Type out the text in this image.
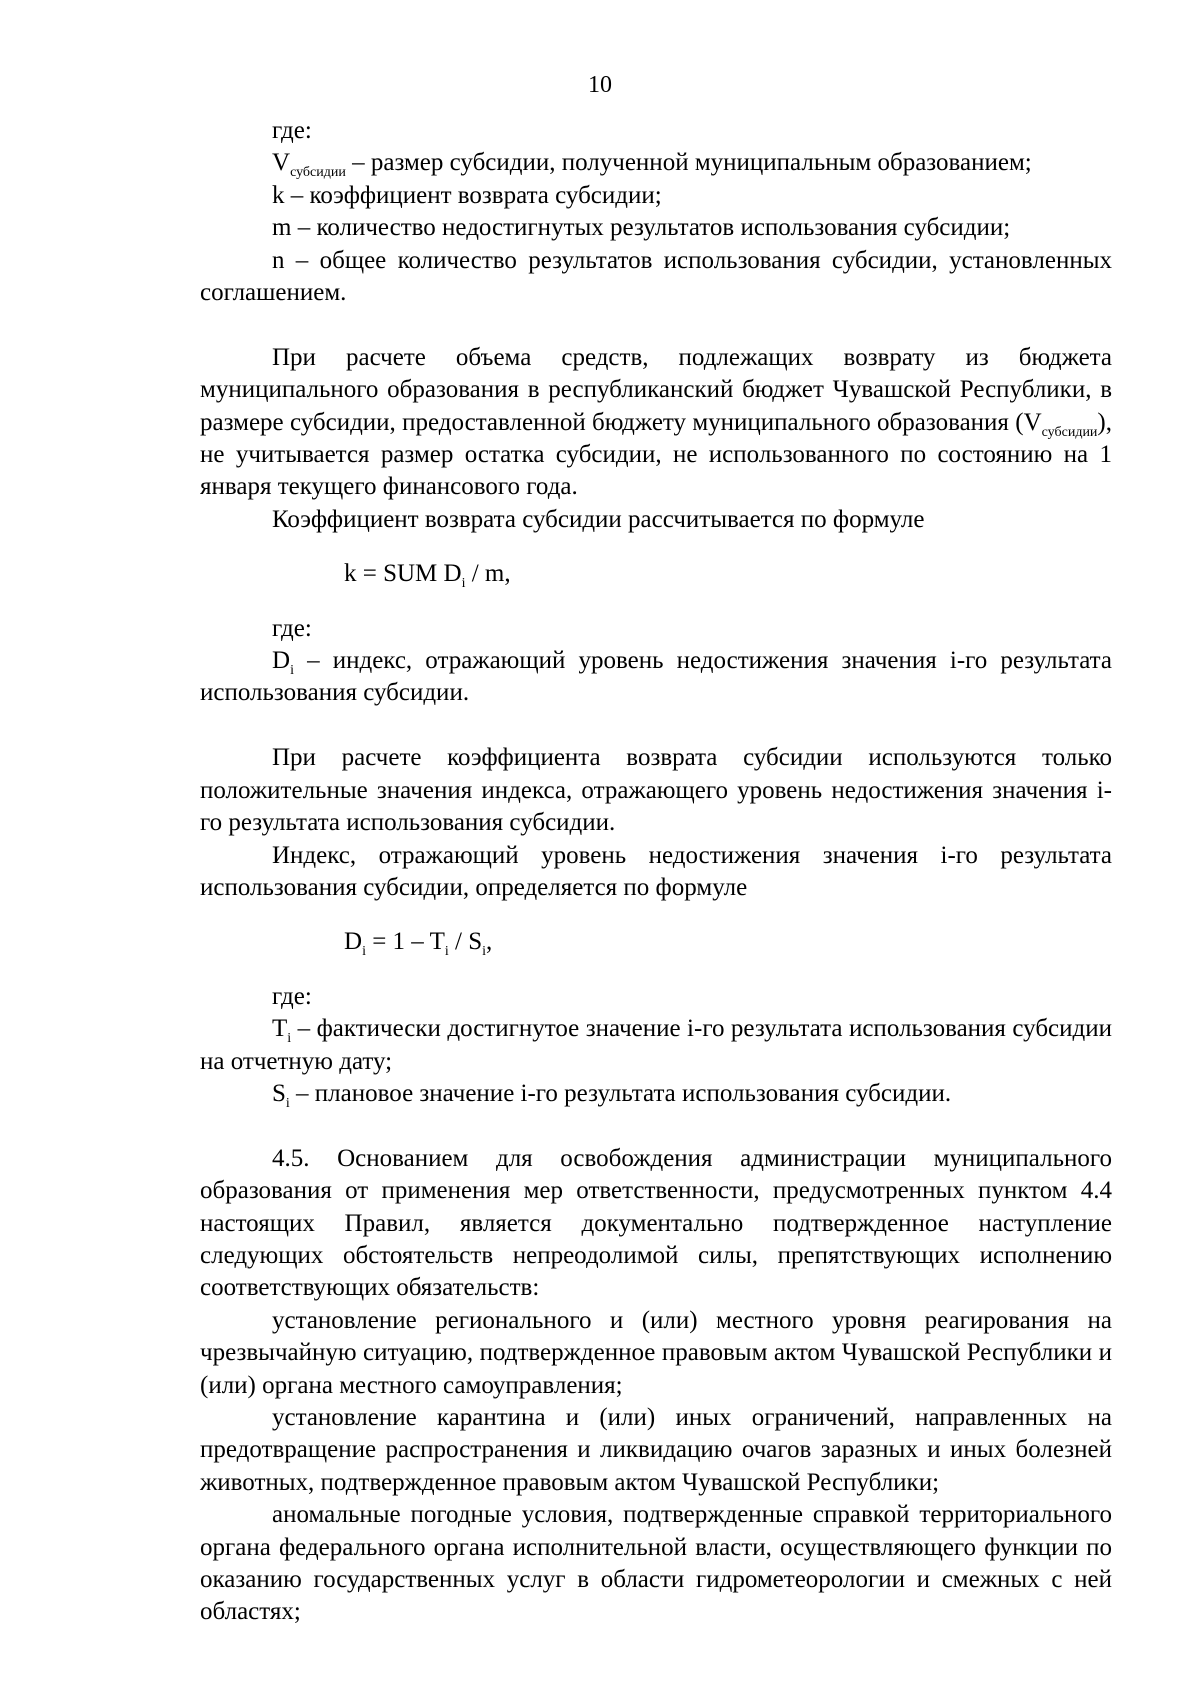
10

где:

$V_{субсидии}$ – размер субсидии, полученной муниципальным образованием;

k – коэффициент возврата субсидии;

m – количество недостигнутых результатов использования субсидии;

n – общее количество результатов использования субсидии, установленных соглашением.

При расчете объема средств, подлежащих возврату из бюджета муниципального образования в республиканский бюджет Чувашской Республики, в размере субсидии, предоставленной бюджету муниципального образования $(V_{субсидии})$, не учитывается размер остатка субсидии, не использованного по состоянию на 1 января текущего финансового года.

Коэффициент возврата субсидии рассчитывается по формуле

k = SUM $D_i$ / m,

где:

$D_i$ – индекс, отражающий уровень недостижения значения i-го результата использования субсидии.

При расчете коэффициента возврата субсидии используются только положительные значения индекса, отражающего уровень недостижения значения i-го результата использования субсидии.

Индекс, отражающий уровень недостижения значения i-го результата использования субсидии, определяется по формуле

$D_i = 1 - T_i / S_i$,

где:

$T_i$ – фактически достигнутое значение i-го результата использования субсидии на отчетную дату;

$S_i$ – плановое значение i-го результата использования субсидии.

4.5. Основанием для освобождения администрации муниципального образования от применения мер ответственности, предусмотренных пунктом 4.4 настоящих Правил, является документально подтвержденное наступление следующих обстоятельств непреодолимой силы, препятствующих исполнению соответствующих обязательств:

установление регионального и (или) местного уровня реагирования на чрезвычайную ситуацию, подтвержденное правовым актом Чувашской Республики и (или) органа местного самоуправления;

установление карантина и (или) иных ограничений, направленных на предотвращение распространения и ликвидацию очагов заразных и иных болезней животных, подтвержденное правовым актом Чувашской Республики;

аномальные погодные условия, подтвержденные справкой территориального органа федерального органа исполнительной власти, осуществляющего функции по оказанию государственных услуг в области гидрометеорологии и смежных с ней областях;
